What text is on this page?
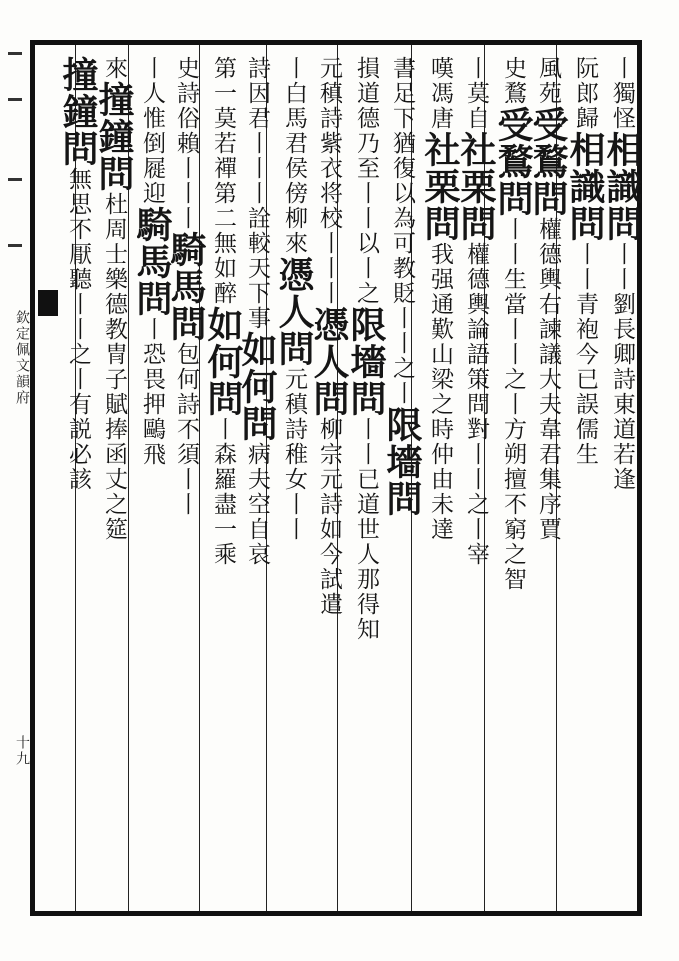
欽定佩文韻府
十九
丨獨怪相識問丨丨劉長卿詩東道若逢
阮郎歸相識問丨丨青袍今已誤儒生
風苑受鶩問權德輿右諫議大夫韋君集序賈
史鶩受鶩問丨丨生當丨丨之丨方朔擅不窮之智
丨莫自社栗問權德輿論語策問對丨丨之丨宰
嘆馮唐社栗問我强通歎山梁之時仲由未達
書足下猶復以為可教貶丨丨之丨限墻問
損道德乃至丨丨以丨之限墻問丨丨已道世人那得知
元稹詩紫衣将校丨丨丨憑人問柳宗元詩如今試遣
丨白馬君侯傍柳來憑人問元稹詩稚女丨丨
詩因君丨丨丨詮較天下事如何問病夫空自哀
第一莫若禪第二無如醉如何問丨森羅盡一乘
史詩俗賴丨丨丨騎馬問包何詩不須丨丨
丨人惟倒屣迎騎馬問丨恐畏押鷗飛
來撞鐘問杜周士樂德教冑子賦捧函丈之筵
撞鐘問無思不厭聽丨丨之丨有説必該
